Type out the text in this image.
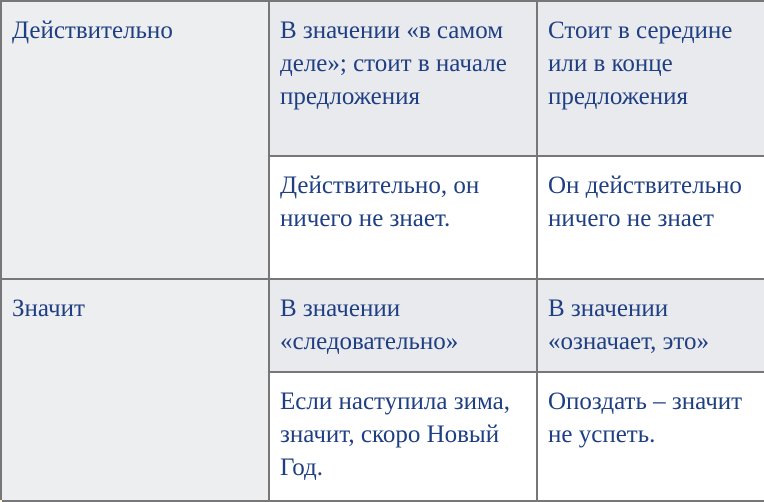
Действительно	В значении «в самом деле»; стоит в начале предложения
Стоит в середине или в конце предложения
Действительно, он ничего не знает.
Он действительно ничего не знает
Значит	В значении «следовательно»
В значении «означает, это»
Если наступила зима, значит, скоро Новый Год.
Опоздать – значит не успеть.
